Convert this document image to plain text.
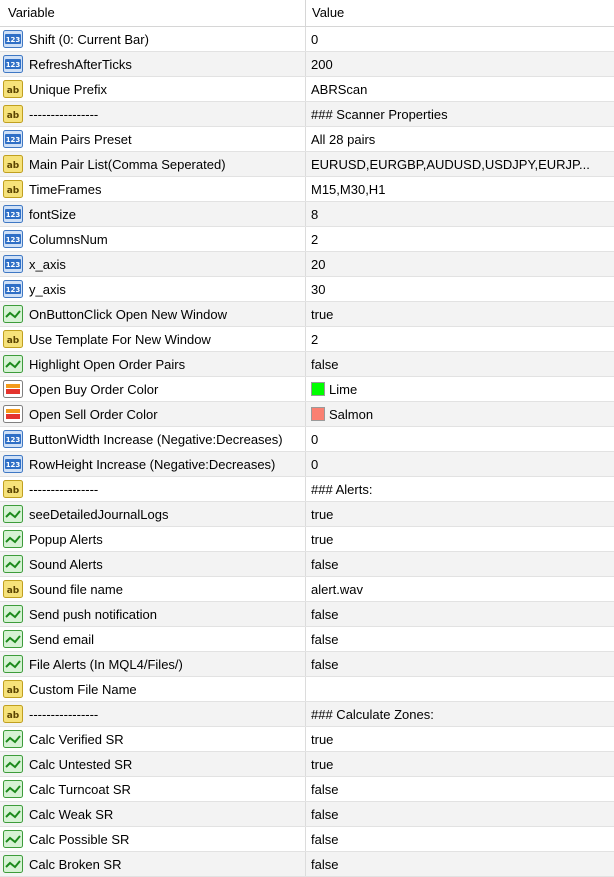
Variable	Value
123 Shift (0: Current Bar)	0
123 RefreshAfterTicks	200
ab Unique Prefix	ABRScan
ab ----------------	### Scanner Properties
123 Main Pairs Preset	All 28 pairs
ab Main Pair List(Comma Seperated)	EURUSD,EURGBP,AUDUSD,USDJPY,EURJP...
ab TimeFrames	M15,M30,H1
123 fontSize	8
123 ColumnsNum	2
123 x_axis	20
123 y_axis	30
OnButtonClick Open New Window	true
ab Use Template For New Window	2
Highlight Open Order Pairs	false
Open Buy Order Color	Lime
Open Sell Order Color	Salmon
123 ButtonWidth Increase (Negative:Decreases) 0
123 RowHeight Increase (Negative:Decreases)	0
ab ----------------	### Alerts:
seeDetailedJournalLogs	true
Popup Alerts	true
Sound Alerts	false
ab Sound file name	alert.wav
Send push notification	false
Send email	false
File Alerts (In MQL4/Files/)	false
ab Custom File Name
ab ----------------	### Calculate Zones:
Calc Verified SR	true
Calc Untested SR	true
Calc Turncoat SR	false
Calc Weak SR	false
Calc Possible SR	false
Calc Broken SR	false
